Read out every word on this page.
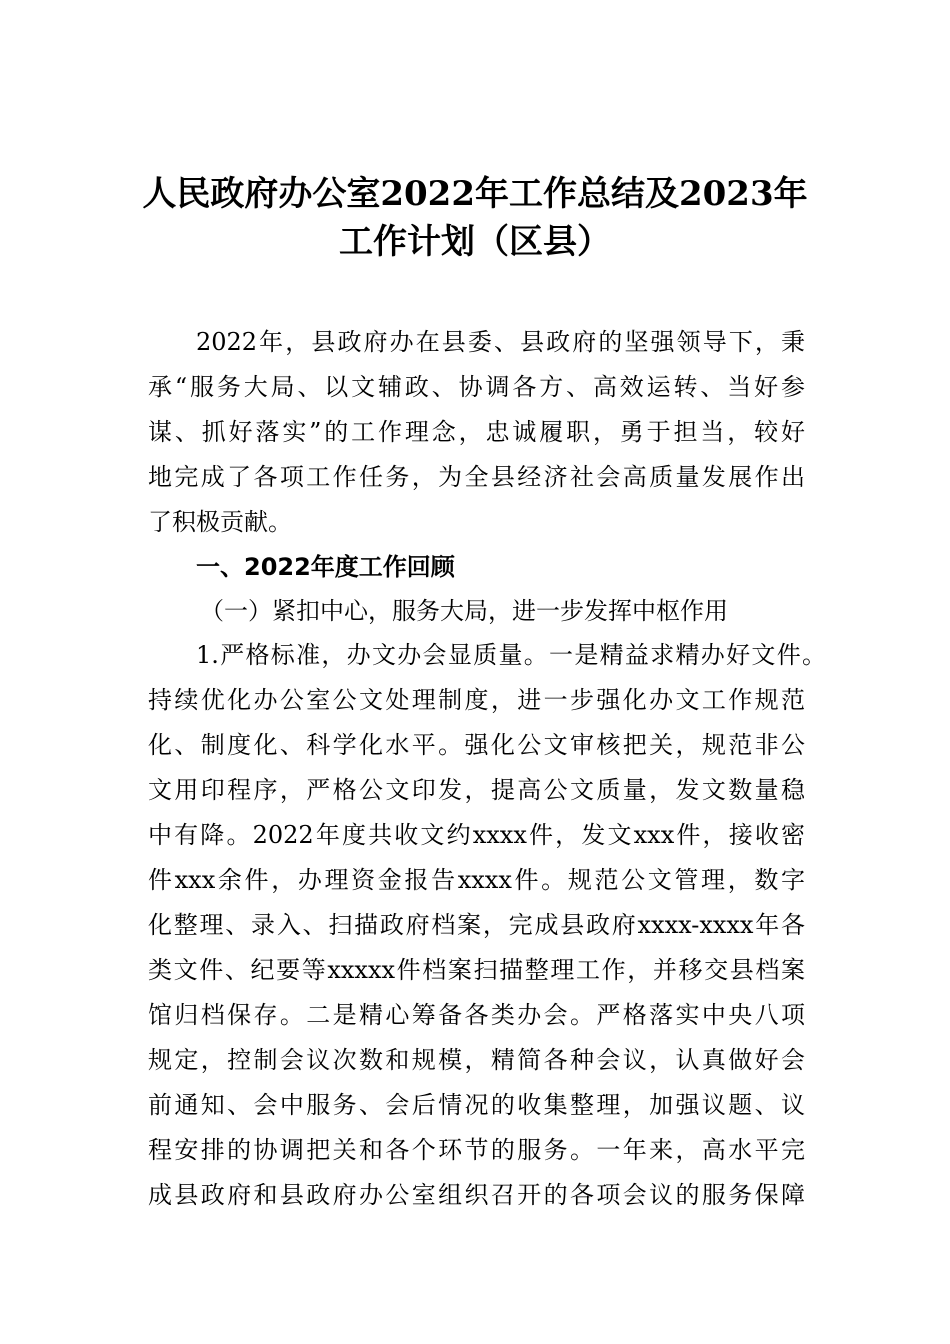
人民政府办公室2022年工作总结及2023年
工作计划（区县）
2022年，县政府办在县委、县政府的坚强领导下，秉
承“服务大局、以文辅政、协调各方、高效运转、当好参
谋、抓好落实”的工作理念，忠诚履职，勇于担当，较好
地完成了各项工作任务，为全县经济社会高质量发展作出
了积极贡献。
一、2022年度工作回顾
（一）紧扣中心，服务大局，进一步发挥中枢作用
1.严格标准，办文办会显质量。一是精益求精办好文件。
持续优化办公室公文处理制度，进一步强化办文工作规范
化、制度化、科学化水平。强化公文审核把关，规范非公
文用印程序，严格公文印发，提高公文质量，发文数量稳
中有降。2022年度共收文约xxxx件，发文xxx件，接收密
件xxx余件，办理资金报告xxxx件。规范公文管理，数字
化整理、录入、扫描政府档案，完成县政府xxxx-xxxx年各
类文件、纪要等xxxxx件档案扫描整理工作，并移交县档案
馆归档保存。二是精心筹备各类办会。严格落实中央八项
规定，控制会议次数和规模，精简各种会议，认真做好会
前通知、会中服务、会后情况的收集整理，加强议题、议
程安排的协调把关和各个环节的服务。一年来，高水平完
成县政府和县政府办公室组织召开的各项会议的服务保障
